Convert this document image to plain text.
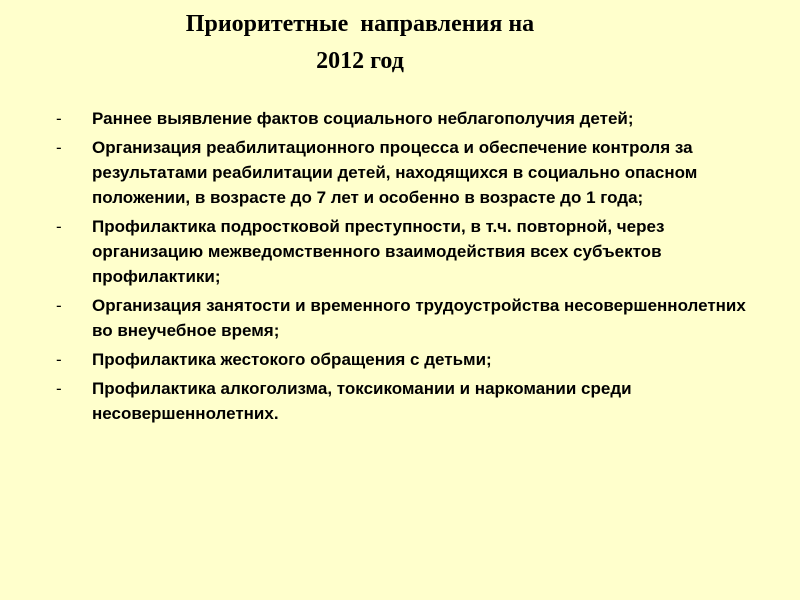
Приоритетные  направления на
2012 год
-	Раннее выявление фактов социального неблагополучия детей;
-	Организация реабилитационного процесса и обеспечение контроля за результатами реабилитации детей, находящихся в социально опасном положении, в возрасте до 7 лет и особенно в возрасте до 1 года;
-	Профилактика подростковой преступности, в т.ч. повторной, через организацию межведомственного взаимодействия всех субъектов профилактики;
-	Организация занятости и временного трудоустройства несовершеннолетних во внеучебное время;
-	Профилактика жестокого обращения с детьми;
-	Профилактика алкоголизма, токсикомании и наркомании среди несовершеннолетних.
